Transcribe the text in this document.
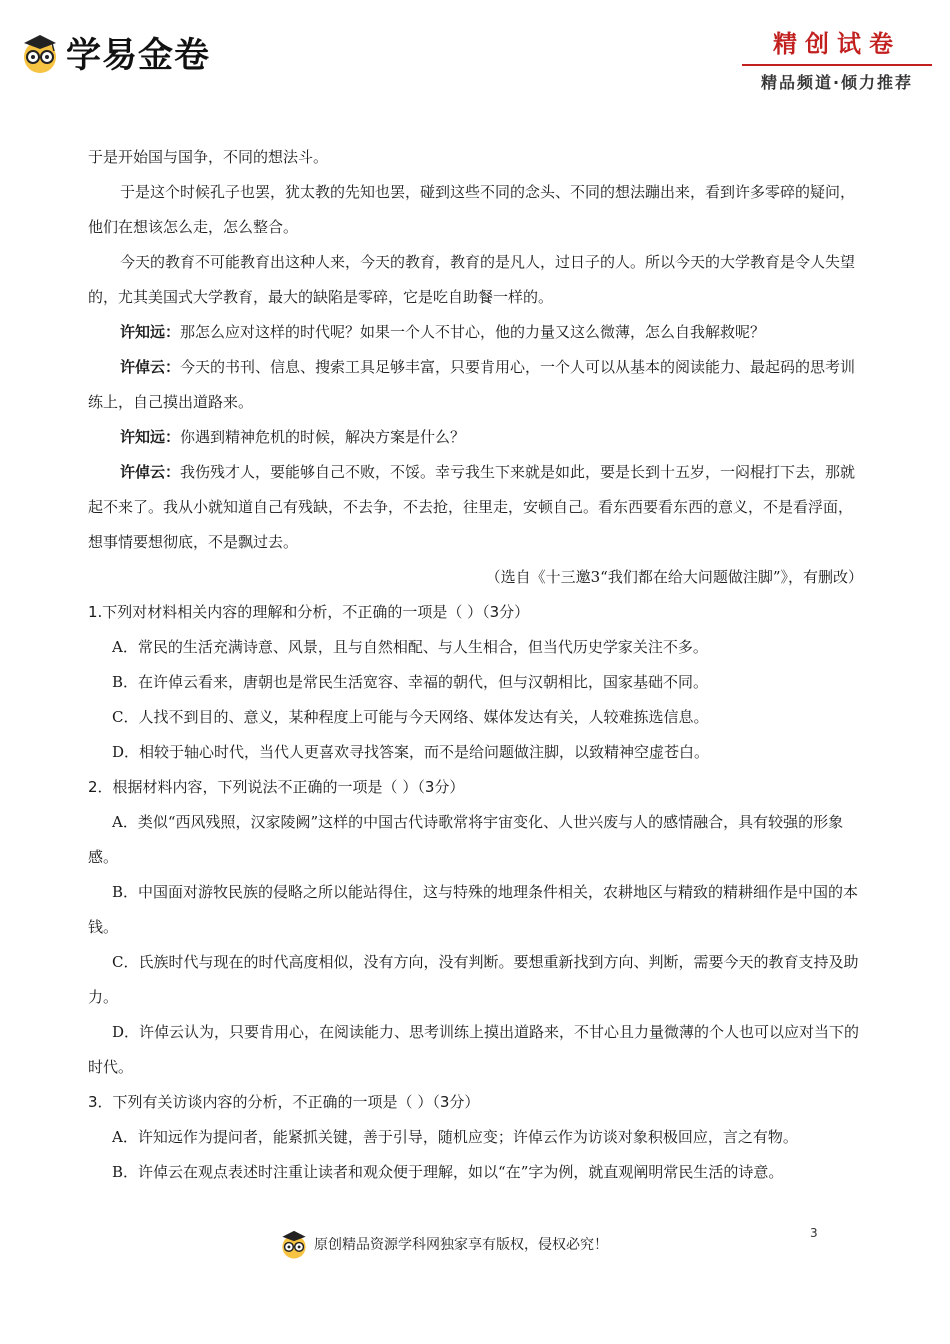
学易金卷	精创试卷
精品频道·倾力推荐

于是开始国与国争，不同的想法斗。

于是这个时候孔子也罢，犹太教的先知也罢，碰到这些不同的念头、不同的想法蹦出来，看到许多零碎的疑问，他们在想该怎么走，怎么整合。

今天的教育不可能教育出这种人来，今天的教育，教育的是凡人，过日子的人。所以今天的大学教育是令人失望的，尤其美国式大学教育，最大的缺陷是零碎，它是吃自助餐一样的。

许知远：那怎么应对这样的时代呢？如果一个人不甘心，他的力量又这么微薄，怎么自我解救呢？

许倬云：今天的书刊、信息、搜索工具足够丰富，只要肯用心，一个人可以从基本的阅读能力、最起码的思考训练上，自己摸出道路来。

许知远：你遇到精神危机的时候，解决方案是什么？

许倬云：我伤残才人，要能够自己不败，不馁。幸亏我生下来就是如此，要是长到十五岁，一闷棍打下去，那就起不来了。我从小就知道自己有残缺，不去争，不去抢，往里走，安顿自己。看东西要看东西的意义，不是看浮面，想事情要想彻底，不是飘过去。

（选自《十三邀3“我们都在给大问题做注脚”》，有删改）

1.下列对材料相关内容的理解和分析，不正确的一项是（ ）（3分）

A．常民的生活充满诗意、风景，且与自然相配、与人生相合，但当代历史学家关注不多。

B．在许倬云看来，唐朝也是常民生活宽容、幸福的朝代，但与汉朝相比，国家基础不同。

C．人找不到目的、意义，某种程度上可能与今天网络、媒体发达有关，人较难拣选信息。

D．相较于轴心时代，当代人更喜欢寻找答案，而不是给问题做注脚，以致精神空虚苍白。

2．根据材料内容，下列说法不正确的一项是（ ）（3分）

A．类似“西风残照，汉家陵阙”这样的中国古代诗歌常将宇宙变化、人世兴废与人的感情融合，具有较强的形象感。

B．中国面对游牧民族的侵略之所以能站得住，这与特殊的地理条件相关，农耕地区与精致的精耕细作是中国的本钱。

C．氏族时代与现在的时代高度相似，没有方向，没有判断。要想重新找到方向、判断，需要今天的教育支持及助力。

D．许倬云认为，只要肯用心，在阅读能力、思考训练上摸出道路来，不甘心且力量微薄的个人也可以应对当下的时代。

3．下列有关访谈内容的分析，不正确的一项是（ ）（3分）

A．许知远作为提问者，能紧抓关键，善于引导，随机应变；许倬云作为访谈对象积极回应，言之有物。

B．许倬云在观点表述时注重让读者和观众便于理解，如以“在”字为例，就直观阐明常民生活的诗意。

原创精品资源学科网独家享有版权，侵权必究！
3
